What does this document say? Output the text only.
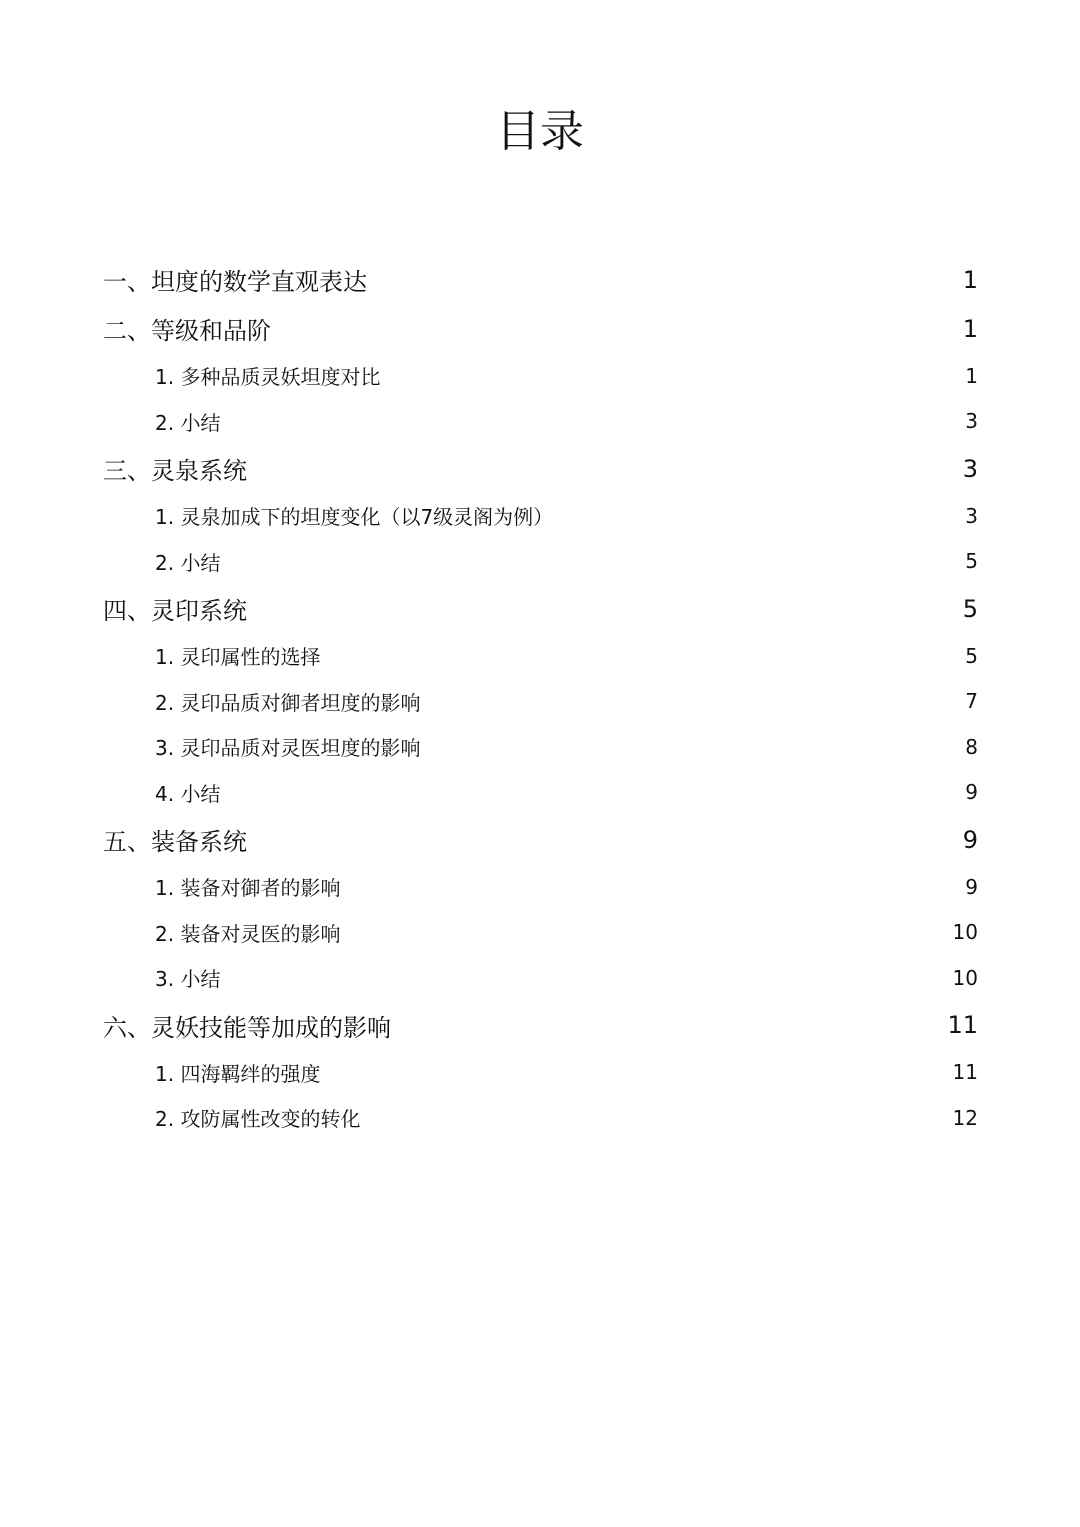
目录
一、坦度的数学直观表达	1
二、等级和品阶	1
1. 多种品质灵妖坦度对比	1
2. 小结	3
三、灵泉系统	3
1. 灵泉加成下的坦度变化（以7级灵阁为例）	3
2. 小结	5
四、灵印系统	5
1. 灵印属性的选择	5
2. 灵印品质对御者坦度的影响	7
3. 灵印品质对灵医坦度的影响	8
4. 小结	9
五、装备系统	9
1. 装备对御者的影响	9
2. 装备对灵医的影响	10
3. 小结	10
六、灵妖技能等加成的影响	11
1. 四海羁绊的强度	11
2. 攻防属性改变的转化	12
